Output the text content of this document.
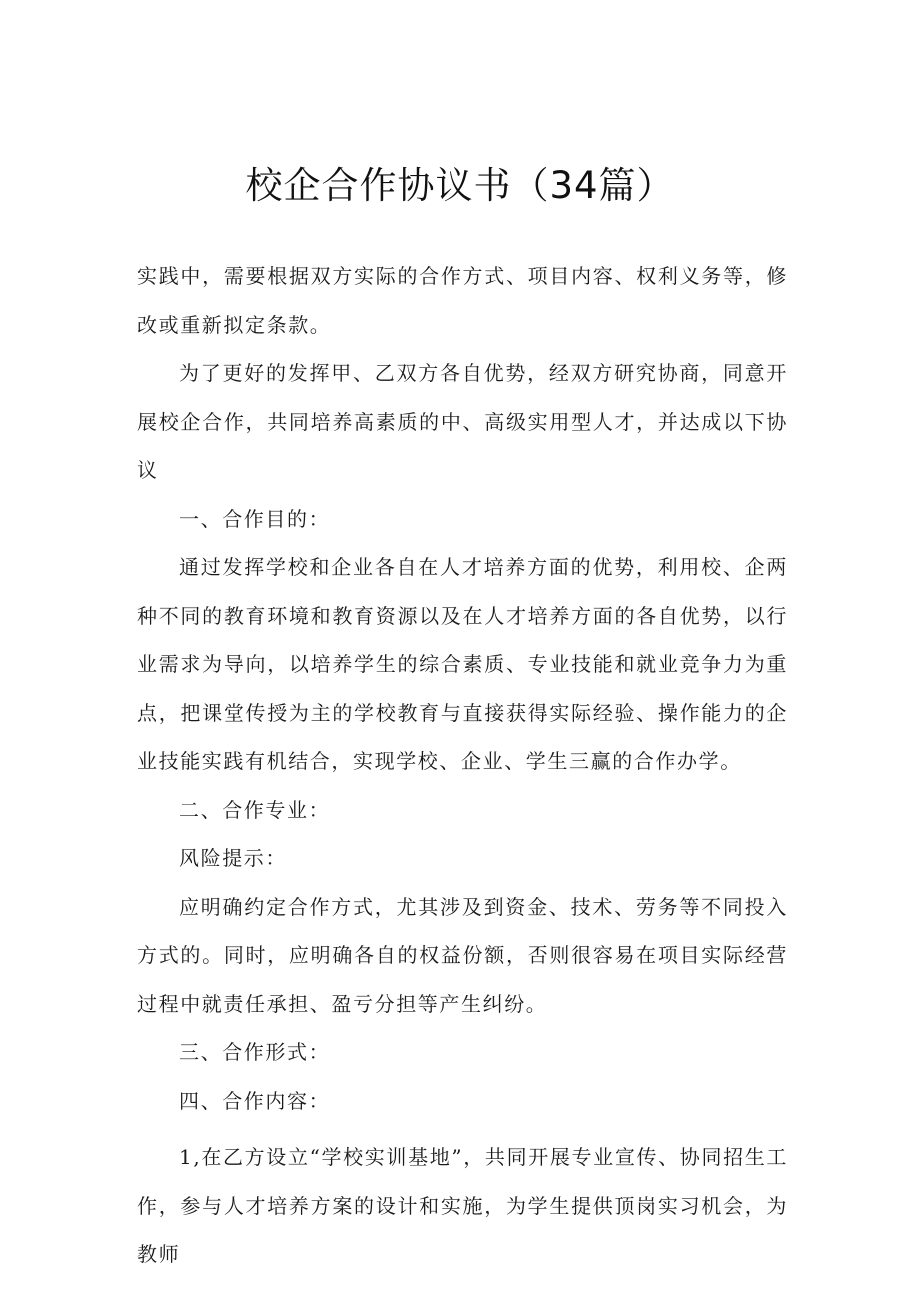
校企合作协议书（34篇）

实践中，需要根据双方实际的合作方式、项目内容、权利义务等，修改或重新拟定条款。

为了更好的发挥甲、乙双方各自优势，经双方研究协商，同意开展校企合作，共同培养高素质的中、高级实用型人才，并达成以下协议

一、合作目的：

通过发挥学校和企业各自在人才培养方面的优势，利用校、企两种不同的教育环境和教育资源以及在人才培养方面的各自优势，以行业需求为导向，以培养学生的综合素质、专业技能和就业竞争力为重点，把课堂传授为主的学校教育与直接获得实际经验、操作能力的企业技能实践有机结合，实现学校、企业、学生三赢的合作办学。

二、合作专业：

风险提示：

应明确约定合作方式，尤其涉及到资金、技术、劳务等不同投入方式的。同时，应明确各自的权益份额，否则很容易在项目实际经营过程中就责任承担、盈亏分担等产生纠纷。

三、合作形式：

四、合作内容：

1,在乙方设立“学校实训基地”，共同开展专业宣传、协同招生工作，参与人才培养方案的设计和实施，为学生提供顶岗实习机会，为教师
